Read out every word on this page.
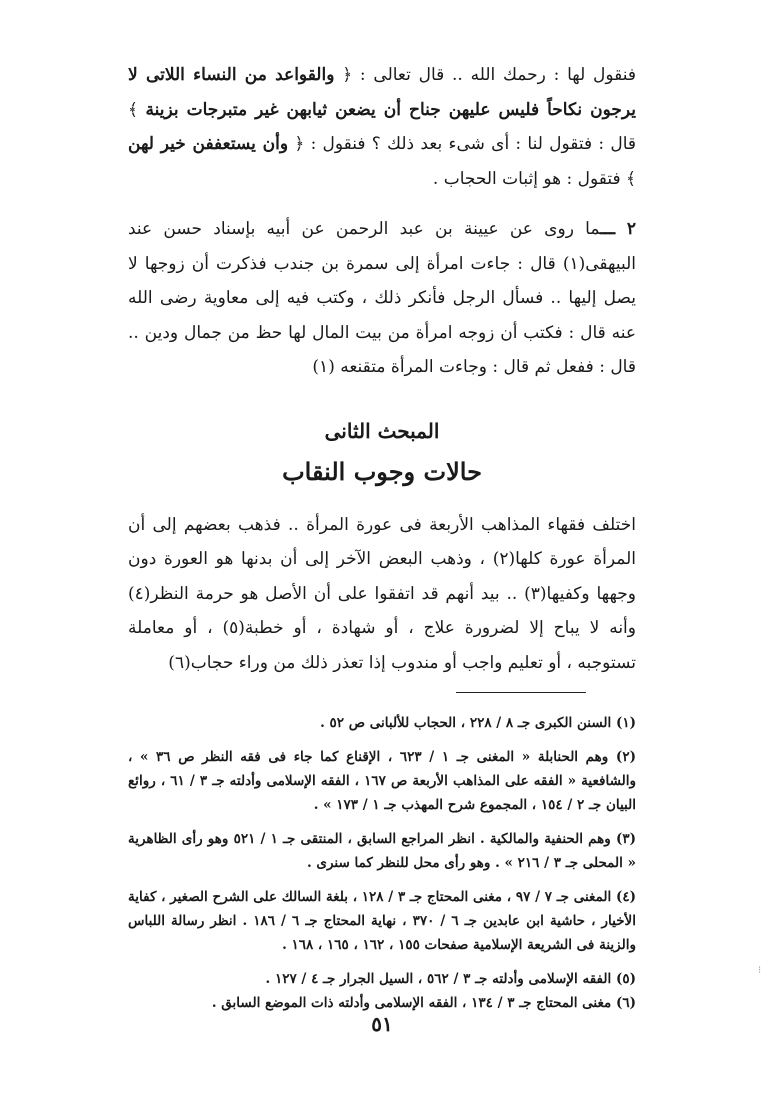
فنقول لها : رحمك الله .. قال تعالى : ﴿ والقواعد من النساء اللاتى لا يرجون نكاحاً فليس عليهن جناح أن يضعن ثيابهن غير متبرجات بزينة ﴾ قال : فتقول لنا : أى شىء بعد ذلك ؟ فنقول : ﴿ وأن يستعففن خير لهن ﴾ فتقول : هو إثبات الحجاب .

٢ ـــما روى عن عيينة بن عبد الرحمن عن أبيه بإسناد حسن عند البيهقى(١) قال : جاءت امرأة إلى سمرة بن جندب فذكرت أن زوجها لا يصل إليها .. فسأل الرجل فأنكر ذلك ، وكتب فيه إلى معاوية رضى الله عنه قال : فكتب أن زوجه امرأة من بيت المال لها حظ من جمال ودين .. قال : ففعل ثم قال : وجاءت المرأة متقنعه (١)

المبحث الثانى
حالات وجوب النقاب

اختلف فقهاء المذاهب الأربعة فى عورة المرأة .. فذهب بعضهم إلى أن المرأة عورة كلها(٢) ، وذهب البعض الآخر إلى أن بدنها هو العورة دون وجهها وكفيها(٣) .. بيد أنهم قد اتفقوا على أن الأصل هو حرمة النظر(٤) وأنه لا يباح إلا لضرورة علاج ، أو شهادة ، أو خطبة(٥) ، أو معاملة تستوجبه ، أو تعليم واجب أو مندوب إذا تعذر ذلك من وراء حجاب(٦)

(١) السنن الكبرى جـ ٨ / ٢٢٨ ، الحجاب للألبانى ص ٥٢ .

(٢) وهم الحنابلة « المغنى جـ ١ / ٦٢٣ ، الإقناع كما جاء فى فقه النظر ص ٣٦ » ، والشافعية « الفقه على المذاهب الأربعة ص ١٦٧ ، الفقه الإسلامى وأدلته جـ ٣ / ٦١ ، روائع البيان جـ ٢ / ١٥٤ ، المجموع شرح المهذب جـ ١ / ١٧٣ » .

(٣) وهم الحنفية والمالكية . انظر المراجع السابق ، المنتقى جـ ١ / ٥٢١ وهو رأى الظاهرية « المحلى جـ ٣ / ٢١٦ » . وهو رأى محل للنظر كما سنرى .

(٤) المغنى جـ ٧ / ٩٧ ، مغنى المحتاج جـ ٣ / ١٢٨ ، بلغة السالك على الشرح الصغير ، كفاية الأخيار ، حاشية ابن عابدين جـ ٦ / ٣٧٠ ، نهاية المحتاج جـ ٦ / ١٨٦ . انظر رسالة اللباس والزينة فى الشريعة الإسلامية صفحات ١٥٥ ، ١٦٢ ، ١٦٥ ، ١٦٨ .

(٥) الفقه الإسلامى وأدلته جـ ٣ / ٥٦٢ ، السيل الجرار جـ ٤ / ١٢٧ .

(٦) مغنى المحتاج جـ ٣ / ١٣٤ ، الفقه الإسلامى وأدلته ذات الموضع السابق .

٥١
⁝
